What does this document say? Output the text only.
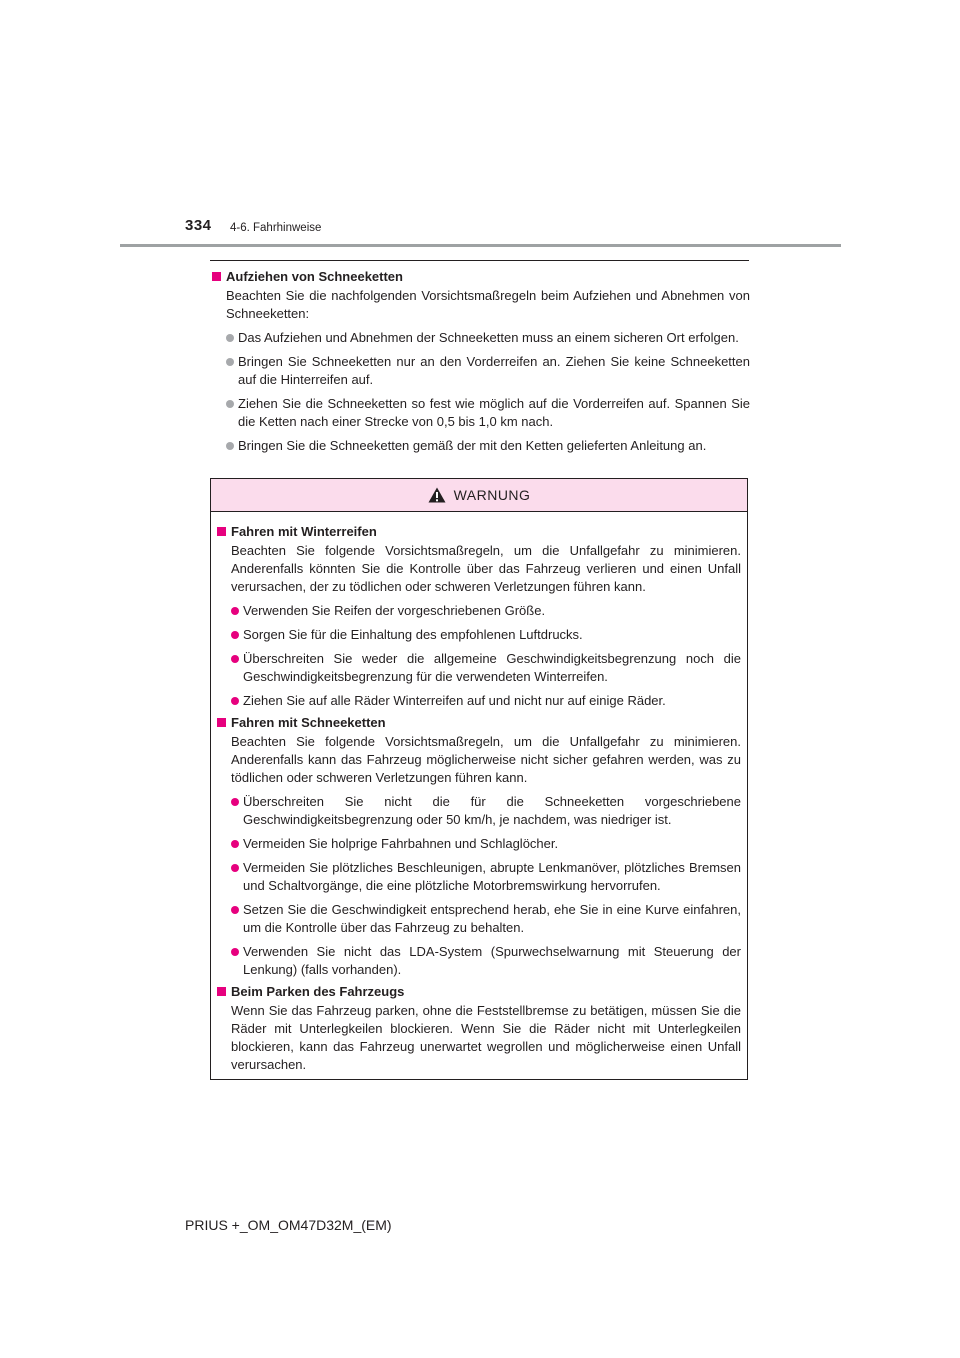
334 4-6. Fahrhinweise
Aufziehen von Schneeketten
Beachten Sie die nachfolgenden Vorsichtsmaßregeln beim Aufziehen und Abnehmen von Schneeketten:
Das Aufziehen und Abnehmen der Schneeketten muss an einem sicheren Ort erfolgen.
Bringen Sie Schneeketten nur an den Vorderreifen an. Ziehen Sie keine Schneeketten auf die Hinterreifen auf.
Ziehen Sie die Schneeketten so fest wie möglich auf die Vorderreifen auf. Spannen Sie die Ketten nach einer Strecke von 0,5 bis 1,0 km nach.
Bringen Sie die Schneeketten gemäß der mit den Ketten gelieferten Anleitung an.
WARNUNG
Fahren mit Winterreifen
Beachten Sie folgende Vorsichtsmaßregeln, um die Unfallgefahr zu minimieren. Anderenfalls könnten Sie die Kontrolle über das Fahrzeug verlieren und einen Unfall verursachen, der zu tödlichen oder schweren Verletzungen führen kann.
Verwenden Sie Reifen der vorgeschriebenen Größe.
Sorgen Sie für die Einhaltung des empfohlenen Luftdrucks.
Überschreiten Sie weder die allgemeine Geschwindigkeitsbegrenzung noch die Geschwindigkeitsbegrenzung für die verwendeten Winterreifen.
Ziehen Sie auf alle Räder Winterreifen auf und nicht nur auf einige Räder.
Fahren mit Schneeketten
Beachten Sie folgende Vorsichtsmaßregeln, um die Unfallgefahr zu minimieren. Anderenfalls kann das Fahrzeug möglicherweise nicht sicher gefahren werden, was zu tödlichen oder schweren Verletzungen führen kann.
Überschreiten Sie nicht die für die Schneeketten vorgeschriebene Geschwindigkeitsbegrenzung oder 50 km/h, je nachdem, was niedriger ist.
Vermeiden Sie holprige Fahrbahnen und Schlaglöcher.
Vermeiden Sie plötzliches Beschleunigen, abrupte Lenkmanöver, plötzliches Bremsen und Schaltvorgänge, die eine plötzliche Motorbremswirkung hervorrufen.
Setzen Sie die Geschwindigkeit entsprechend herab, ehe Sie in eine Kurve einfahren, um die Kontrolle über das Fahrzeug zu behalten.
Verwenden Sie nicht das LDA-System (Spurwechselwarnung mit Steuerung der Lenkung) (falls vorhanden).
Beim Parken des Fahrzeugs
Wenn Sie das Fahrzeug parken, ohne die Feststellbremse zu betätigen, müssen Sie die Räder mit Unterlegkeilen blockieren. Wenn Sie die Räder nicht mit Unterlegkeilen blockieren, kann das Fahrzeug unerwartet wegrollen und möglicherweise einen Unfall verursachen.
PRIUS +_OM_OM47D32M_(EM)
